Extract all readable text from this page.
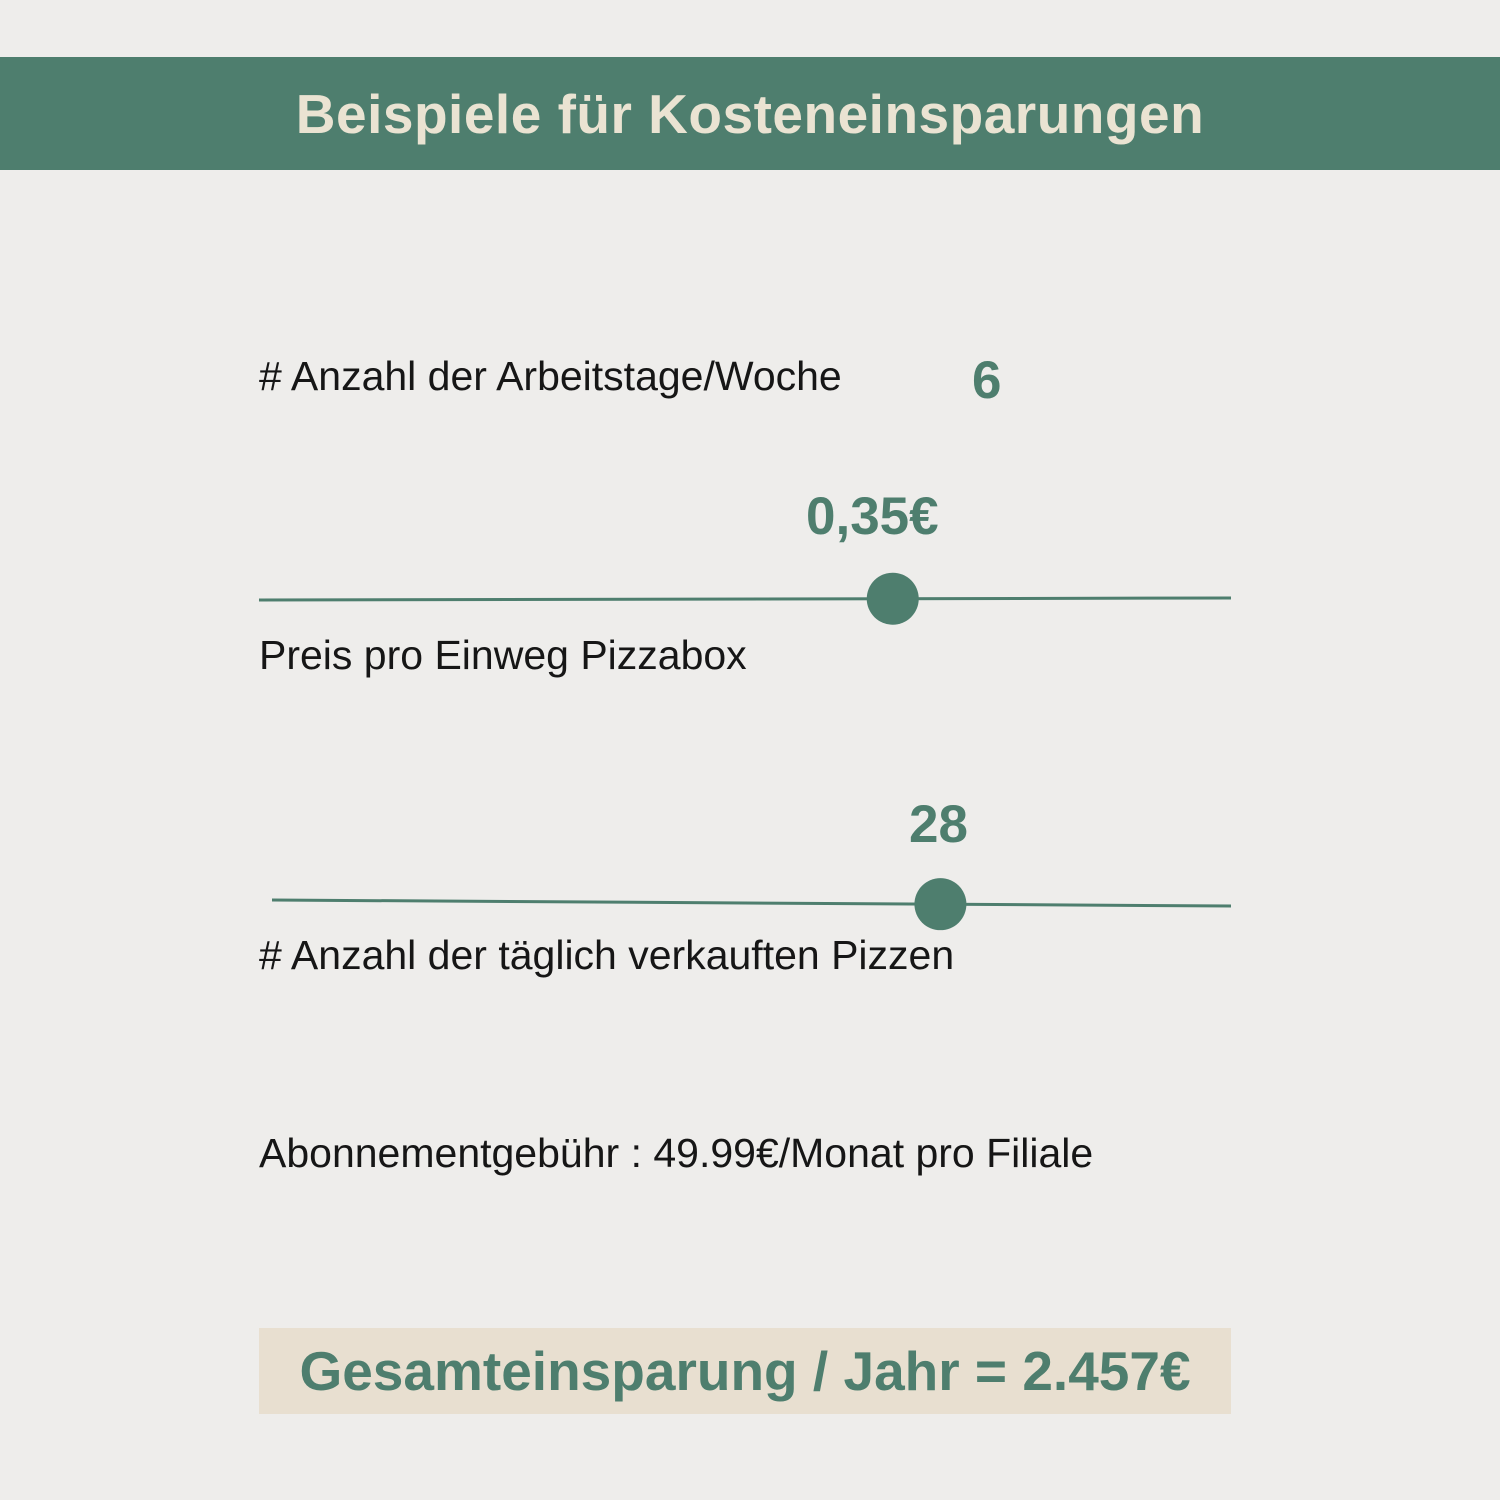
Beispiele für Kosteneinsparungen
# Anzahl der Arbeitstage/Woche 6
0,35€
Preis pro Einweg Pizzabox
28
# Anzahl der täglich verkauften Pizzen
Abonnementgebühr : 49.99€/Monat pro Filiale
Gesamteinsparung / Jahr = 2.457€
